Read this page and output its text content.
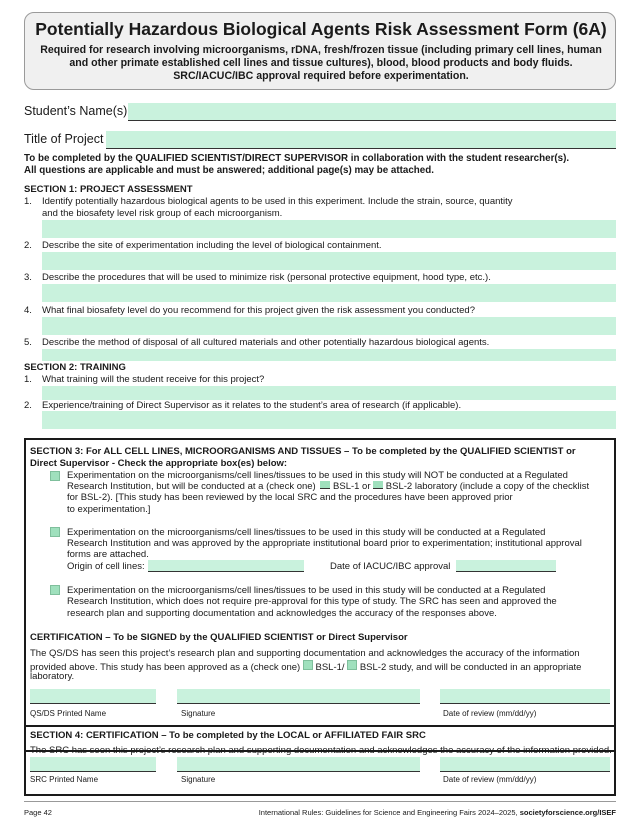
Potentially Hazardous Biological Agents Risk Assessment Form (6A)
Required for research involving microorganisms, rDNA, fresh/frozen tissue (including primary cell lines, human
and other primate established cell lines and tissue cultures), blood, blood products and body fluids.
SRC/IACUC/IBC approval required before experimentation.
Student’s Name(s)
Title of Project
To be completed by the QUALIFIED SCIENTIST/DIRECT SUPERVISOR in collaboration with the student researcher(s).
All questions are applicable and must be answered; additional page(s) may be attached.
SECTION 1: PROJECT ASSESSMENT
1. Identify potentially hazardous biological agents to be used in this experiment. Include the strain, source, quantity
and the biosafety level risk group of each microorganism.
2. Describe the site of experimentation including the level of biological containment.
3. Describe the procedures that will be used to minimize risk (personal protective equipment, hood type, etc.).
4. What final biosafety level do you recommend for this project given the risk assessment you conducted?
5. Describe the method of disposal of all cultured materials and other potentially hazardous biological agents.
SECTION 2: TRAINING
1. What training will the student receive for this project?
2. Experience/training of Direct Supervisor as it relates to the student’s area of research (if applicable).
SECTION 3: For ALL CELL LINES, MICROORGANISMS AND TISSUES – To be completed by the QUALIFIED SCIENTIST or
Direct Supervisor - Check the appropriate box(es) below:
Experimentation on the microorganisms/cell lines/tissues to be used in this study will NOT be conducted at a Regulated
Research Institution, but will be conducted at a (check one) BSL-1 or BSL-2 laboratory (include a copy of the checklist
for BSL-2). [This study has been reviewed by the local SRC and the procedures have been approved prior
to experimentation.]
Experimentation on the microorganisms/cell lines/tissues to be used in this study will be conducted at a Regulated
Research Institution and was approved by the appropriate institutional board prior to experimentation; institutional approval
forms are attached.
Origin of cell lines:	Date of IACUC/IBC approval
Experimentation on the microorganisms/cell lines/tissues to be used in this study will be conducted at a Regulated
Research Institution, which does not require pre-approval for this type of study. The SRC has seen and approved the
research plan and supporting documentation and acknowledges the accuracy of the responses above.
CERTIFICATION – To be SIGNED by the QUALIFIED SCIENTIST or Direct Supervisor
The QS/DS has seen this project’s research plan and supporting documentation and acknowledges the accuracy of the information
provided above. This study has been approved as a (check one) BSL-1/ BSL-2 study, and will be conducted in an appropriate
laboratory.
QS/DS Printed Name	Signature	Date of review (mm/dd/yy)
SECTION 4: CERTIFICATION – To be completed by the LOCAL or AFFILIATED FAIR SRC
The SRC has seen this project’s research plan and supporting documentation and acknowledges the accuracy of the information provided.
SRC Printed Name	Signature	Date of review (mm/dd/yy)
Page 42	International Rules: Guidelines for Science and Engineering Fairs 2024–2025, societyforscience.org/ISEF
